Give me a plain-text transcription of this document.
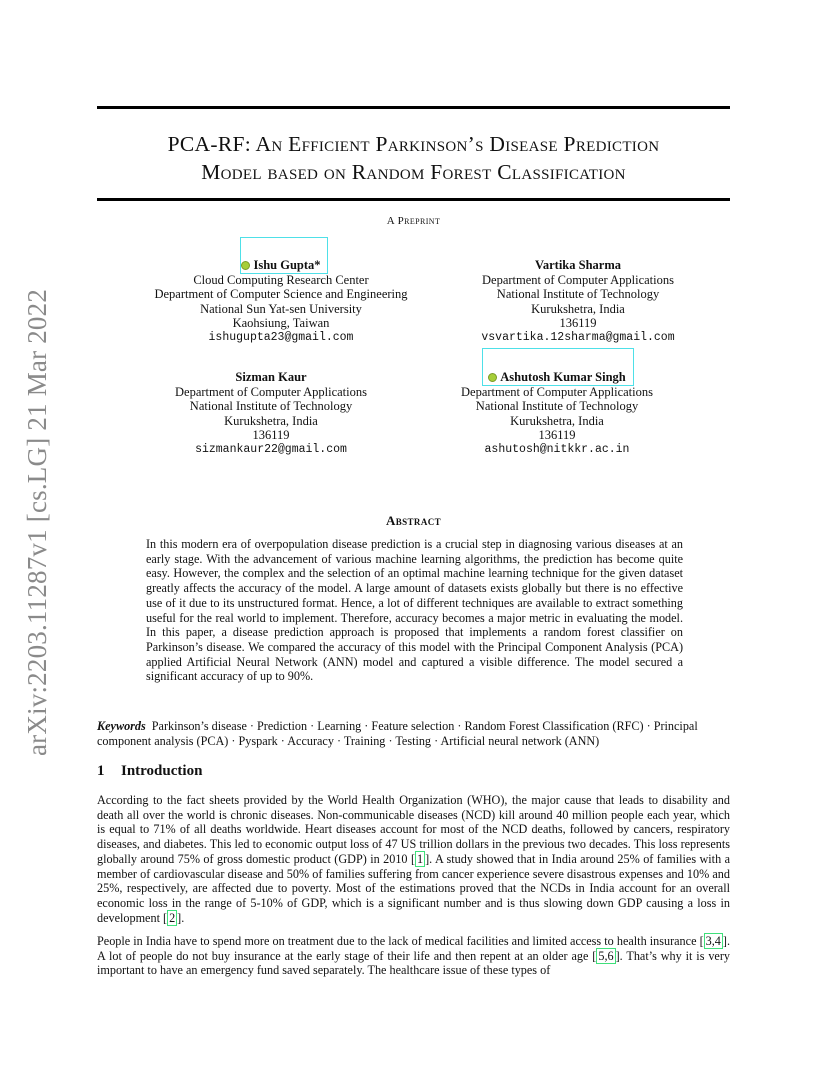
arXiv:2203.11287v1 [cs.LG] 21 Mar 2022
PCA-RF: An Efficient Parkinson’s Disease Prediction
Model based on Random Forest Classification
A Preprint
Ishu Gupta*
Cloud Computing Research Center
Department of Computer Science and Engineering
National Sun Yat-sen University
Kaohsiung, Taiwan
ishugupta23@gmail.com
Vartika Sharma
Department of Computer Applications
National Institute of Technology
Kurukshetra, India
136119
vsvartika.12sharma@gmail.com
Sizman Kaur
Department of Computer Applications
National Institute of Technology
Kurukshetra, India
136119
sizmankaur22@gmail.com
Ashutosh Kumar Singh
Department of Computer Applications
National Institute of Technology
Kurukshetra, India
136119
ashutosh@nitkkr.ac.in
Abstract
In this modern era of overpopulation disease prediction is a crucial step in diagnosing various diseases at an early stage. With the advancement of various machine learning algorithms, the prediction has become quite easy. However, the complex and the selection of an optimal machine learning technique for the given dataset greatly affects the accuracy of the model. A large amount of datasets exists globally but there is no effective use of it due to its unstructured format. Hence, a lot of different techniques are available to extract something useful for the real world to implement. Therefore, accuracy becomes a major metric in evaluating the model. In this paper, a disease prediction approach is proposed that implements a random forest classifier on Parkinson’s disease. We compared the accuracy of this model with the Principal Component Analysis (PCA) applied Artificial Neural Network (ANN) model and captured a visible difference. The model secured a significant accuracy of up to 90%.
Keywords Parkinson’s disease · Prediction · Learning · Feature selection · Random Forest Classification (RFC) · Principal component analysis (PCA) · Pyspark · Accuracy · Training · Testing · Artificial neural network (ANN)
1 Introduction
According to the fact sheets provided by the World Health Organization (WHO), the major cause that leads to disability and death all over the world is chronic diseases. Non-communicable diseases (NCD) kill around 40 million people each year, which is equal to 71% of all deaths worldwide. Heart diseases account for most of the NCD deaths, followed by cancers, respiratory diseases, and diabetes. This led to economic output loss of 47 US trillion dollars in the previous two decades. This loss represents globally around 75% of gross domestic product (GDP) in 2010 [ 1 ]. A study showed that in India around 25% of families with a member of cardiovascular disease and 50% of families suffering from cancer experience severe disastrous expenses and 10% and 25%, respectively, are affected due to poverty. Most of the estimations proved that the NCDs in India account for an overall economic loss in the range of 5-10% of GDP, which is a significant number and is thus slowing down GDP causing a loss in development [ 2 ].
People in India have to spend more on treatment due to the lack of medical facilities and limited access to health insurance [ 3,4 ]. A lot of people do not buy insurance at the early stage of their life and then repent at an older age [ 5,6 ]. That’s why it is very important to have an emergency fund saved separately. The healthcare issue of these types of
